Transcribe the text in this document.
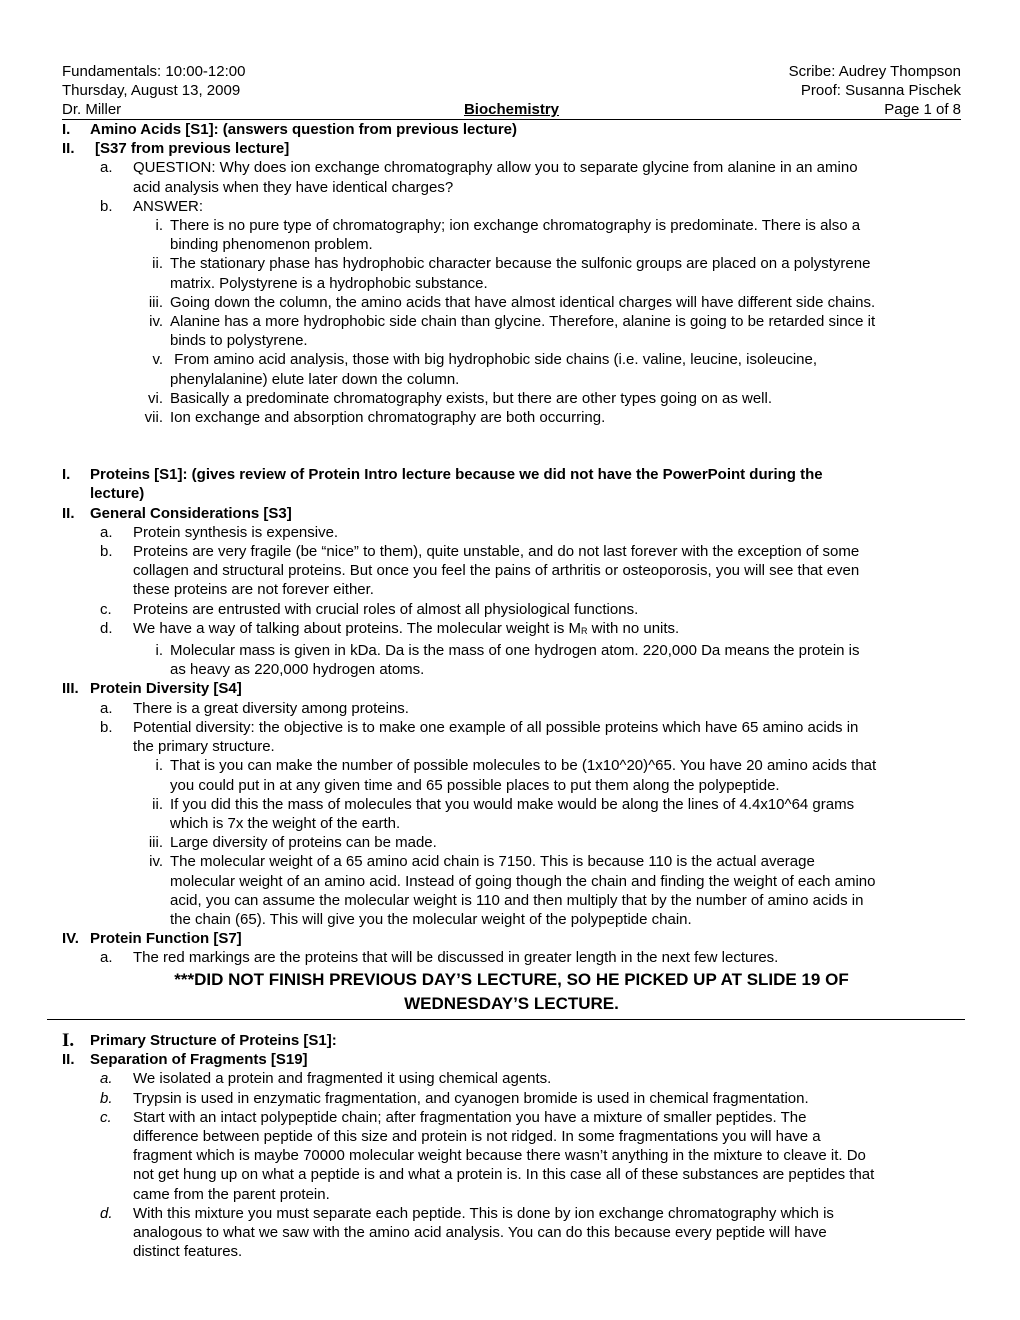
Fundamentals: 10:00-12:00	Scribe: Audrey Thompson
Thursday, August 13, 2009	Proof: Susanna Pischek
Dr. Miller	Biochemistry	Page 1 of 8
I.	Amino Acids [S1]: (answers question from previous lecture)
II.	[S37 from previous lecture]
a.	QUESTION: Why does ion exchange chromatography allow you to separate glycine from alanine in an amino
acid analysis when they have identical charges?
b.	ANSWER:
i. There is no pure type of chromatography; ion exchange chromatography is predominate. There is also a
binding phenomenon problem.
ii. The stationary phase has hydrophobic character because the sulfonic groups are placed on a polystyrene
matrix. Polystyrene is a hydrophobic substance.
iii. Going down the column, the amino acids that have almost identical charges will have different side chains.
iv. Alanine has a more hydrophobic side chain than glycine. Therefore, alanine is going to be retarded since it
binds to polystyrene.
v. From amino acid analysis, those with big hydrophobic side chains (i.e. valine, leucine, isoleucine,
phenylalanine) elute later down the column.
vi. Basically a predominate chromatography exists, but there are other types going on as well.
vii. Ion exchange and absorption chromatography are both occurring.
I.	Proteins [S1]: (gives review of Protein Intro lecture because we did not have the PowerPoint during the
lecture)
II.	General Considerations [S3]
a.	Protein synthesis is expensive.
b.	Proteins are very fragile (be “nice” to them), quite unstable, and do not last forever with the exception of some
collagen and structural proteins. But once you feel the pains of arthritis or osteoporosis, you will see that even
these proteins are not forever either.
c.	Proteins are entrusted with crucial roles of almost all physiological functions.
d.	We have a way of talking about proteins. The molecular weight is $M_R$ with no units.
i. Molecular mass is given in kDa. Da is the mass of one hydrogen atom. 220,000 Da means the protein is
as heavy as 220,000 hydrogen atoms.
III. Protein Diversity [S4]
a.	There is a great diversity among proteins.
b.	Potential diversity: the objective is to make one example of all possible proteins which have 65 amino acids in
the primary structure.
i. That is you can make the number of possible molecules to be (1x10^20)^65. You have 20 amino acids that
you could put in at any given time and 65 possible places to put them along the polypeptide.
ii. If you did this the mass of molecules that you would make would be along the lines of 4.4x10^64 grams
which is 7x the weight of the earth.
iii. Large diversity of proteins can be made.
iv. The molecular weight of a 65 amino acid chain is 7150. This is because 110 is the actual average
molecular weight of an amino acid. Instead of going though the chain and finding the weight of each amino
acid, you can assume the molecular weight is 110 and then multiply that by the number of amino acids in
the chain (65). This will give you the molecular weight of the polypeptide chain.
IV. Protein Function [S7]
a.	The red markings are the proteins that will be discussed in greater length in the next few lectures.
***DID NOT FINISH PREVIOUS DAY’S LECTURE, SO HE PICKED UP AT SLIDE 19 OF
WEDNESDAY’S LECTURE.
I.	Primary Structure of Proteins [S1]:
II.	Separation of Fragments [S19]
a.	We isolated a protein and fragmented it using chemical agents.
b.	Trypsin is used in enzymatic fragmentation, and cyanogen bromide is used in chemical fragmentation.
c.	Start with an intact polypeptide chain; after fragmentation you have a mixture of smaller peptides. The
difference between peptide of this size and protein is not ridged. In some fragmentations you will have a
fragment which is maybe 70000 molecular weight because there wasn’t anything in the mixture to cleave it. Do
not get hung up on what a peptide is and what a protein is. In this case all of these substances are peptides that
came from the parent protein.
d.	With this mixture you must separate each peptide. This is done by ion exchange chromatography which is
analogous to what we saw with the amino acid analysis. You can do this because every peptide will have
distinct features.
